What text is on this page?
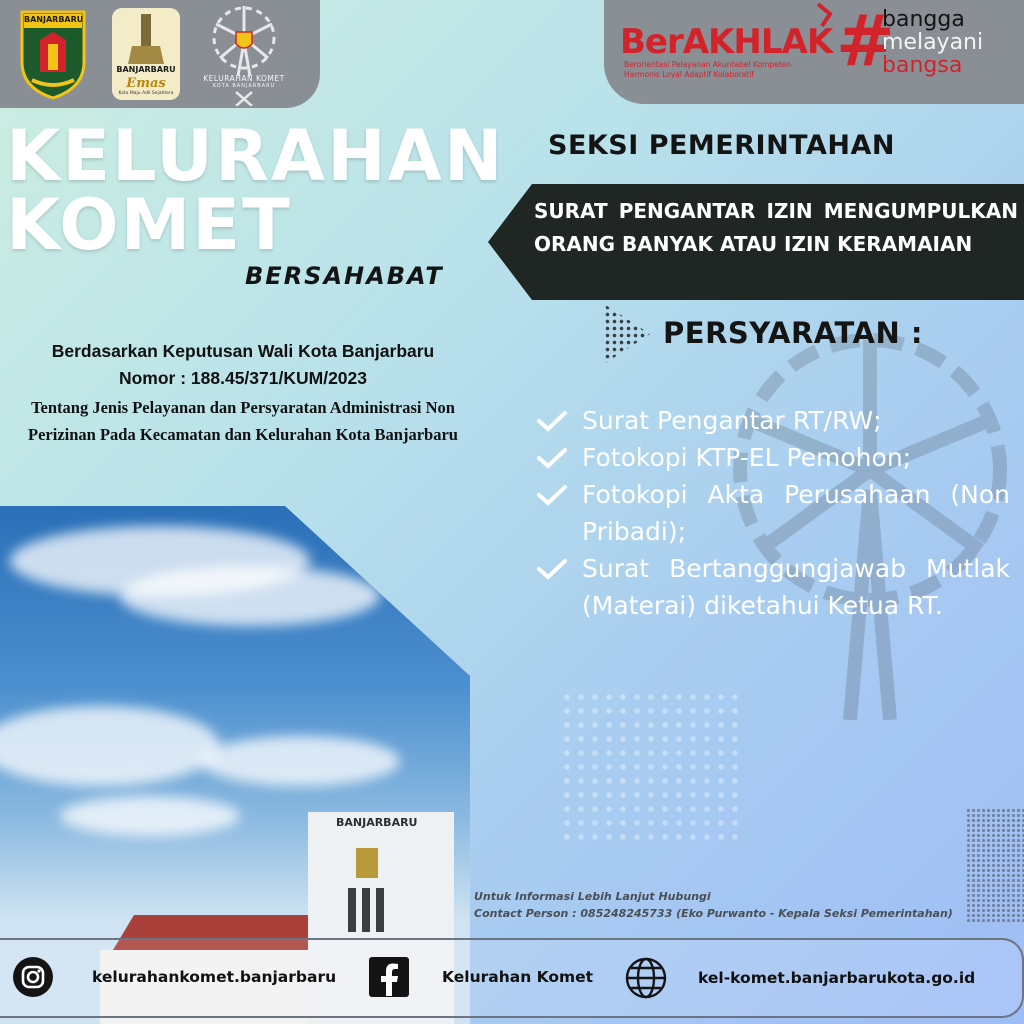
BANJARBARU
BANJARBARU
Emas
Kota Maju Adil Sejahtera
KELURAHAN KOMET
KOTA BANJARBARU
BerAKHLAK
Berorientasi Pelayanan Akuntabel Kompeten
Harmonis Loyal Adaptif Kolaboratif	#
bangga
melayani
bangsa
KELURAHAN
KOMET
BERSAHABAT
Berdasarkan Keputusan Wali Kota Banjarbaru
Nomor : 188.45/371/KUM/2023
Tentang Jenis Pelayanan dan Persyaratan Administrasi Non Perizinan Pada Kecamatan dan Kelurahan Kota Banjarbaru
SEKSI PEMERINTAHAN
SURAT PENGANTAR IZIN MENGUMPULKAN ORANG BANYAK ATAU IZIN KERAMAIAN
PERSYARATAN :
Surat Pengantar RT/RW;
Fotokopi KTP-EL Pemohon;
Fotokopi Akta Perusahaan (Non Pribadi);
Surat Bertanggungjawab Mutlak (Materai) diketahui Ketua RT.
BANJARBARU
Untuk Informasi Lebih Lanjut Hubungi
Contact Person : 085248245733 (Eko Purwanto - Kepala Seksi Pemerintahan)
kelurahankomet.banjarbaru	Kelurahan Komet	kel-komet.banjarbarukota.go.id
